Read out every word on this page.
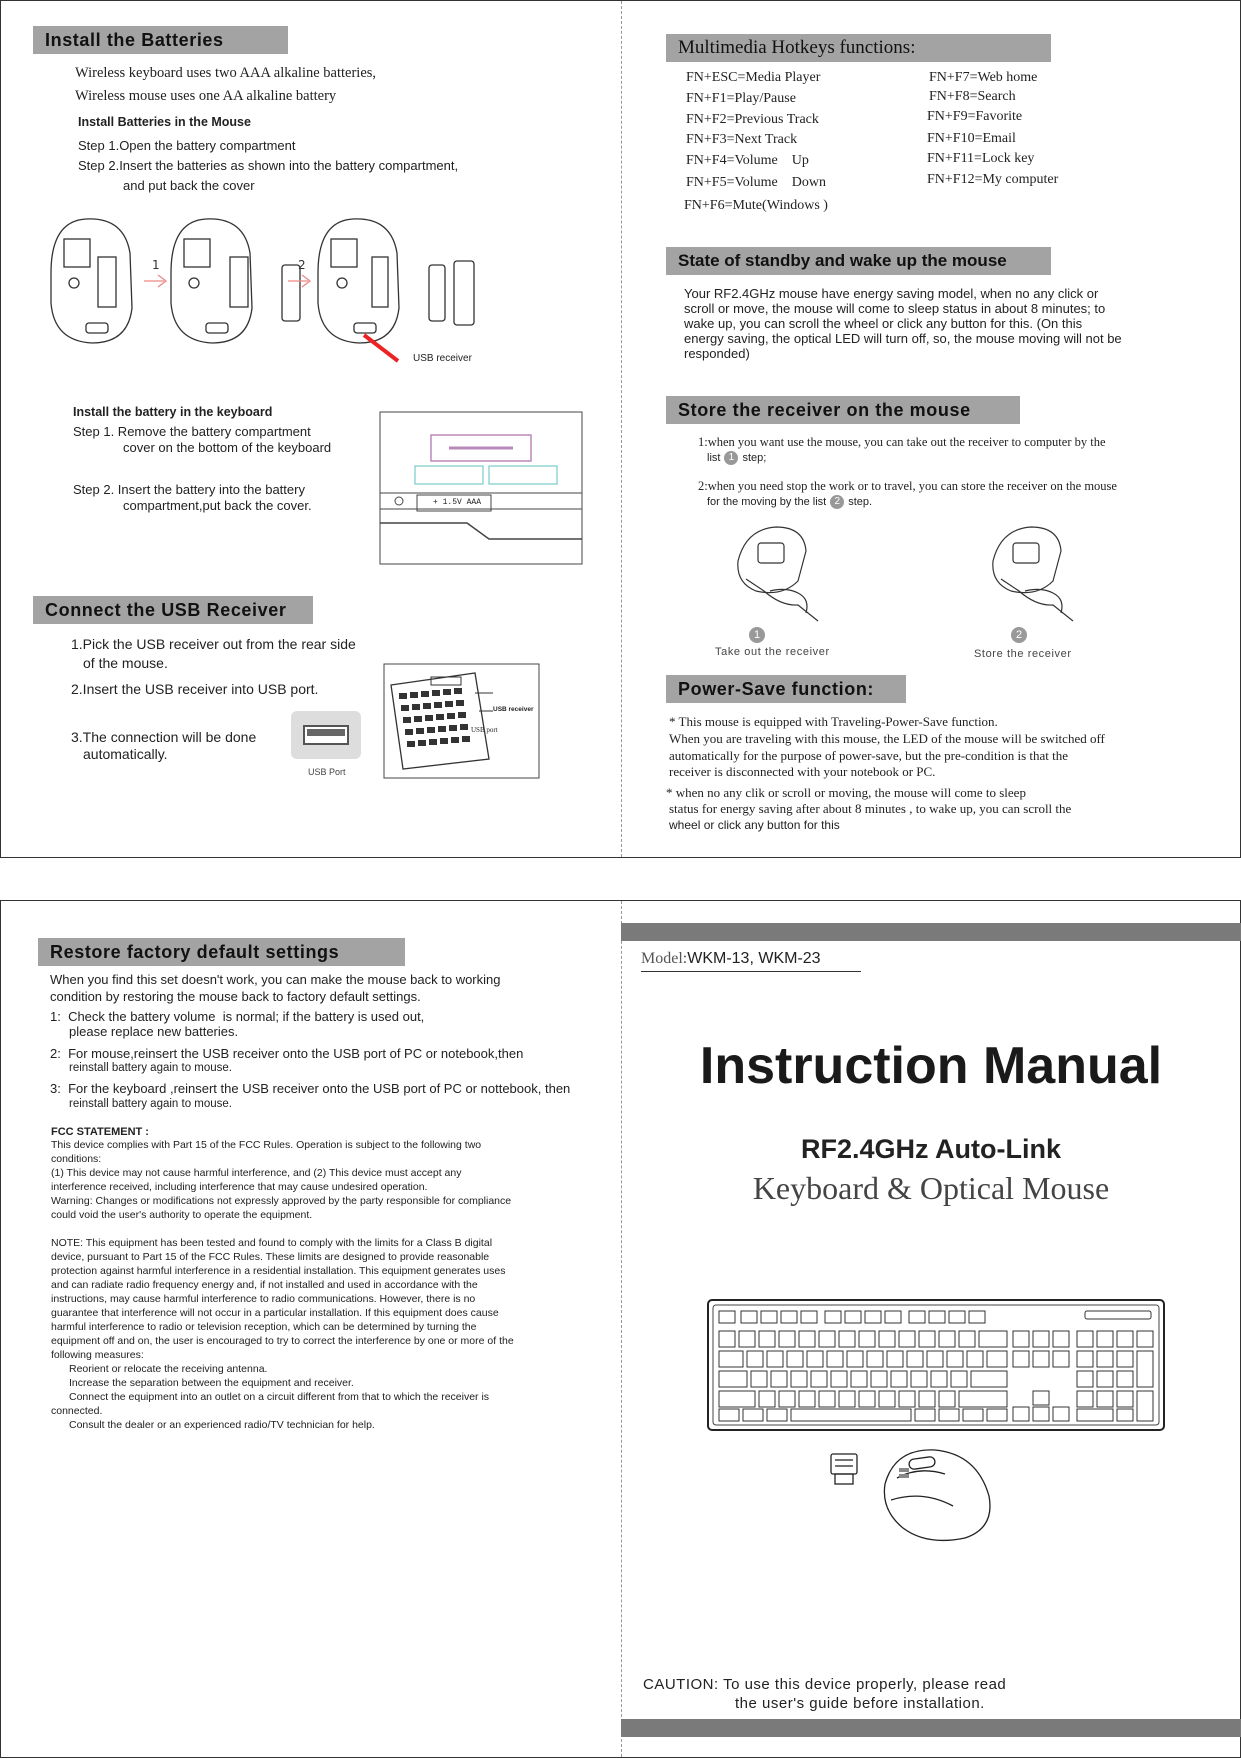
Install the Batteries
Wireless keyboard uses two AAA alkaline batteries,
Wireless mouse uses one AA alkaline battery
Install Batteries in the Mouse
Step 1.Open the battery compartment
Step 2.Insert the batteries as shown into the battery compartment,
and put back the cover
1	2
USB receiver
Install the battery in the keyboard
Step 1. Remove the battery compartment
cover on the bottom of the keyboard
Step 2. Insert the battery into the battery
compartment,put back the cover.	+ 1.5V AAA
Connect the USB Receiver
1.Pick the USB receiver out from the rear side
of the mouse.
2.Insert the USB receiver into USB port.
3.The connection will be done
automatically.
USB Port
USB receiver
USB port
Multimedia Hotkeys functions:
FN+ESC=Media Player
FN+F1=Play/Pause
FN+F2=Previous Track
FN+F3=Next Track
FN+F4=Volume    Up
FN+F5=Volume    Down
FN+F6=Mute(Windows )
FN+F7=Web home
FN+F8=Search
FN+F9=Favorite
FN+F10=Email
FN+F11=Lock key
FN+F12=My computer
State of standby and wake up the mouse
Your RF2.4GHz mouse have energy saving model, when no any click or
scroll or move, the mouse will come to sleep status in about 8 minutes; to
wake up, you can scroll the wheel or click any button for this. (On this
energy saving, the optical LED will turn off, so, the mouse moving will not be
responded)
Store the receiver on the mouse
1:when you want use the mouse, you can take out the receiver to computer by the
list 1 step;
2:when you need stop the work or to travel, you can store the receiver on the mouse
for the moving by the list 2 step.
1
Take out the receiver
2
Store the receiver
Power-Save function:
* This mouse is equipped with Traveling-Power-Save function.
When you are traveling with this mouse, the LED of the mouse will be switched off
automatically for the purpose of power-save, but the pre-condition is that the
receiver is disconnected with your notebook or PC.
* when no any clik or scroll or moving, the mouse will come to sleep
status for energy saving after about 8 minutes , to wake up, you can scroll the
wheel or click any button for this
Restore factory default settings
When you find this set doesn't work, you can make the mouse back to working
condition by restoring the mouse back to factory default settings.
1:  Check the battery volume  is normal; if the battery is used out,
please replace new batteries.
2:  For mouse,reinsert the USB receiver onto the USB port of PC or notebook,then
reinstall battery again to mouse.
3:  For the keyboard ,reinsert the USB receiver onto the USB port of PC or nottebook, then
reinstall battery again to mouse.
FCC STATEMENT :
This device complies with Part 15 of the FCC Rules. Operation is subject to the following two
conditions:
(1) This device may not cause harmful interference, and (2) This device must accept any
interference received, including interference that may cause undesired operation.
Warning: Changes or modifications not expressly approved by the party responsible for compliance
could void the user's authority to operate the equipment.
NOTE: This equipment has been tested and found to comply with the limits for a Class B digital
device, pursuant to Part 15 of the FCC Rules. These limits are designed to provide reasonable
protection against harmful interference in a residential installation. This equipment generates uses
and can radiate radio frequency energy and, if not installed and used in accordance with the
instructions, may cause harmful interference to radio communications. However, there is no
guarantee that interference will not occur in a particular installation. If this equipment does cause
harmful interference to radio or television reception, which can be determined by turning the
equipment off and on, the user is encouraged to try to correct the interference by one or more of the
following measures:
Reorient or relocate the receiving antenna.
Increase the separation between the equipment and receiver.
Connect the equipment into an outlet on a circuit different from that to which the receiver is
connected.
Consult the dealer or an experienced radio/TV technician for help.
Model:WKM-13, WKM-23
Instruction Manual
RF2.4GHz Auto-Link
Keyboard & Optical Mouse
CAUTION: To use this device properly, please read
the user's guide before installation.
